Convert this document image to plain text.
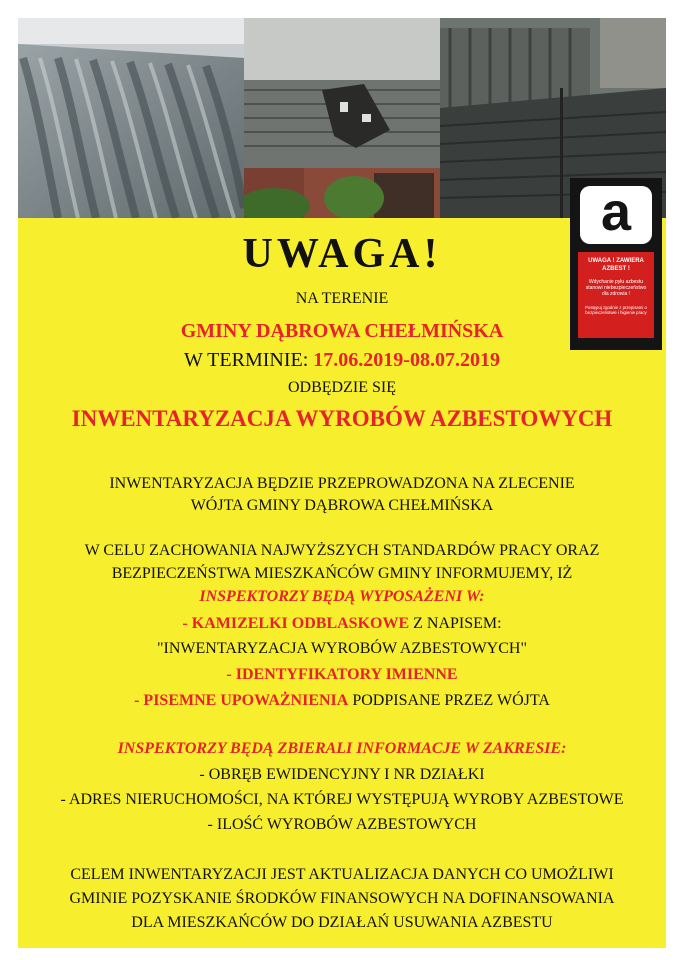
a
UWAGA ! ZAWIERA AZBEST !
Wdychanie pyłu azbestu stanowi niebezpieczeństwo dla zdrowia !
Postępuj zgodnie z przepisami o bezpieczeństwie i higienie pracy
UWAGA!
NA TERENIE
GMINY DĄBROWA CHEŁMIŃSKA
W TERMINIE: 17.06.2019-08.07.2019
ODBĘDZIE SIĘ
INWENTARYZACJA WYROBÓW AZBESTOWYCH
INWENTARYZACJA BĘDZIE PRZEPROWADZONA NA ZLECENIE
WÓJTA GMINY DĄBROWA CHEŁMIŃSKA
W CELU ZACHOWANIA NAJWYŻSZYCH STANDARDÓW PRACY ORAZ
BEZPIECZEŃSTWA MIESZKAŃCÓW GMINY INFORMUJEMY, IŻ
INSPEKTORZY BĘDĄ WYPOSAŻENI W:
- KAMIZELKI ODBLASKOWE Z NAPISEM:
"INWENTARYZACJA WYROBÓW AZBESTOWYCH"
- IDENTYFIKATORY IMIENNE
- PISEMNE UPOWAŻNIENIA PODPISANE PRZEZ WÓJTA
INSPEKTORZY BĘDĄ ZBIERALI INFORMACJE W ZAKRESIE:
- OBRĘB EWIDENCYJNY I NR DZIAŁKI
- ADRES NIERUCHOMOŚCI, NA KTÓREJ WYSTĘPUJĄ WYROBY AZBESTOWE
- ILOŚĆ WYROBÓW AZBESTOWYCH
CELEM INWENTARYZACJI JEST AKTUALIZACJA DANYCH CO UMOŻLIWI
GMINIE POZYSKANIE ŚRODKÓW FINANSOWYCH NA DOFINANSOWANIA
DLA MIESZKAŃCÓW DO DZIAŁAŃ USUWANIA AZBESTU
